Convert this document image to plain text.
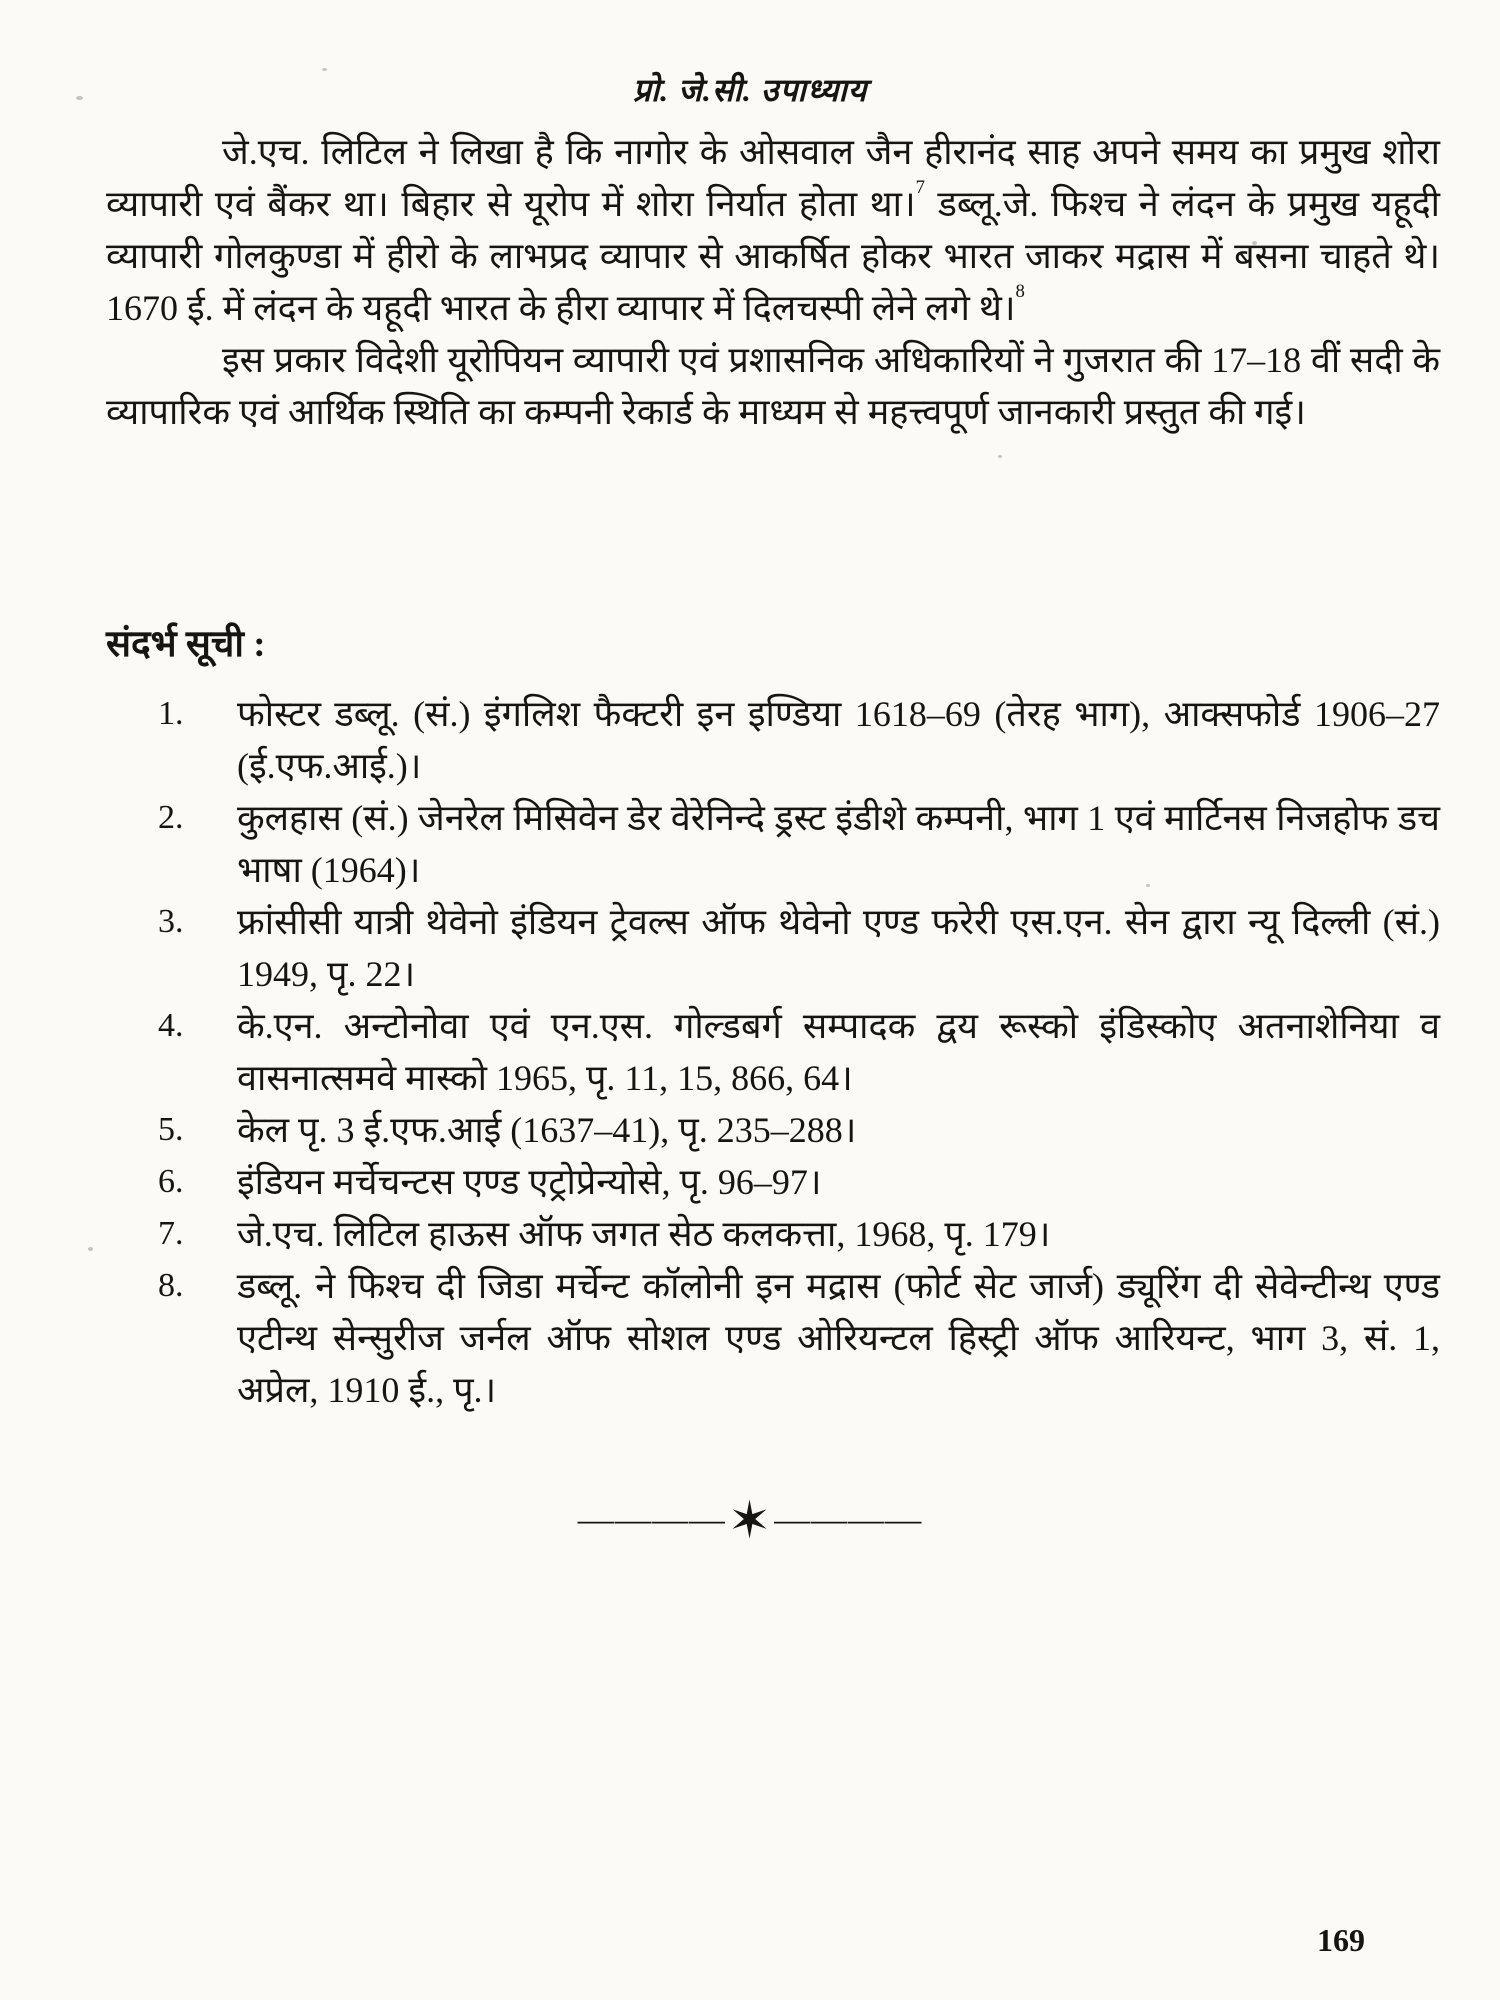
प्रो. जे.सी. उपाध्याय

जे.एच. लिटिल ने लिखा है कि नागोर के ओसवाल जैन हीरानंद साह अपने समय का प्रमुख शोरा व्यापारी एवं बैंकर था। बिहार से यूरोप में शोरा निर्यात होता था।$^7$ डब्लू.जे. फिश्च ने लंदन के प्रमुख यहूदी व्यापारी गोलकुण्डा में हीरो के लाभप्रद व्यापार से आकर्षित होकर भारत जाकर मद्रास में बसना चाहते थे। 1670 ई. में लंदन के यहूदी भारत के हीरा व्यापार में दिलचस्पी लेने लगे थे।$^8$

इस प्रकार विदेशी यूरोपियन व्यापारी एवं प्रशासनिक अधिकारियों ने गुजरात की 17–18 वीं सदी के व्यापारिक एवं आर्थिक स्थिति का कम्पनी रेकार्ड के माध्यम से महत्त्वपूर्ण जानकारी प्रस्तुत की गई।

संदर्भ सूची :
1.	फोस्टर डब्लू. (सं.) इंगलिश फैक्टरी इन इण्डिया 1618–69 (तेरह भाग), आक्सफोर्ड 1906–27 (ई.एफ.आई.)।
2.	कुलहास (सं.) जेनरेल मिसिवेन डेर वेरेनिन्दे ड्रस्ट इंडीशे कम्पनी, भाग 1 एवं मार्टिनस निजहोफ डच भाषा (1964)।
3.	फ्रांसीसी यात्री थेवेनो इंडियन ट्रेवल्स ऑफ थेवेनो एण्ड फरेरी एस.एन. सेन द्वारा न्यू दिल्ली (सं.) 1949, पृ. 22।
4.	के.एन. अन्टोनोवा एवं एन.एस. गोल्डबर्ग सम्पादक द्वय रूस्को इंडिस्कोए अतनाशेनिया व वासनात्समवे मास्को 1965, पृ. 11, 15, 866, 64।
5.	केल पृ. 3 ई.एफ.आई (1637–41), पृ. 235–288।
6.	इंडियन मर्चेचन्टस एण्ड एट्रोप्रेन्योसे, पृ. 96–97।
7.	जे.एच. लिटिल हाऊस ऑफ जगत सेठ कलकत्ता, 1968, पृ. 179।
8.	डब्लू. ने फिश्च दी जिडा मर्चेन्ट कॉलोनी इन मद्रास (फोर्ट सेट जार्ज) ड्यूरिंग दी सेवेन्टीन्थ एण्ड एटीन्थ सेन्सुरीज जर्नल ऑफ सोशल एण्ड ओरियन्टल हिस्ट्री ऑफ आरियन्ट, भाग 3, सं. 1, अप्रेल, 1910 ई., पृ.।
————✶————
169
